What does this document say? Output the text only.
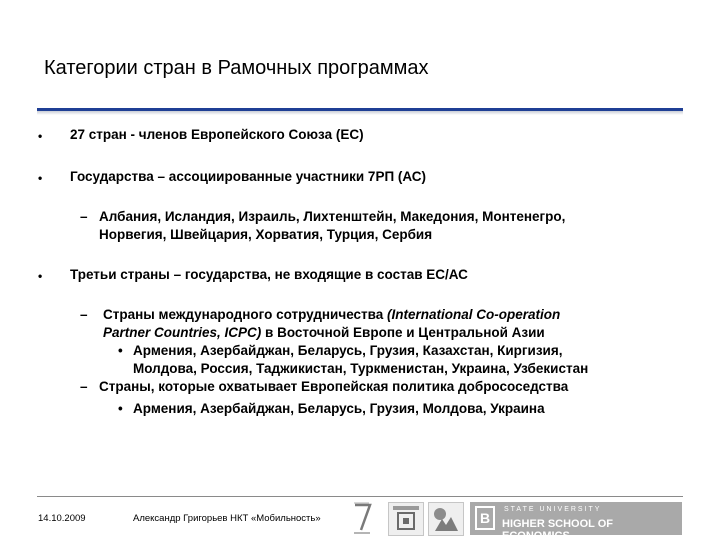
Категории стран в Рамочных программах
• 27 стран - членов Европейского Союза (ЕС)
• Государства – ассоциированные участники 7РП (АС)
– Албания, Исландия, Израиль, Лихтенштейн, Македония, Монтенегро,
Норвегия, Швейцария, Хорватия, Турция, Сербия
• Третьи страны – государства, не входящие в состав ЕС/АС
– Страны международного сотрудничества (International Co-operation
Partner Countries, ICPC) в Восточной Европе и Центральной Азии
• Армения, Азербайджан, Беларусь, Грузия, Казахстан, Киргизия,
Молдова, Россия, Таджикистан, Туркменистан, Украина, Узбекистан
– Страны, которые охватывает Европейская политика добрососедства
• Армения, Азербайджан, Беларусь, Грузия, Молдова, Украина
14.10.2009	Александр Григорьев НКТ «Мобильность»	В
STATE UNIVERSITY
HIGHER SCHOOL OF ECONOMICS
